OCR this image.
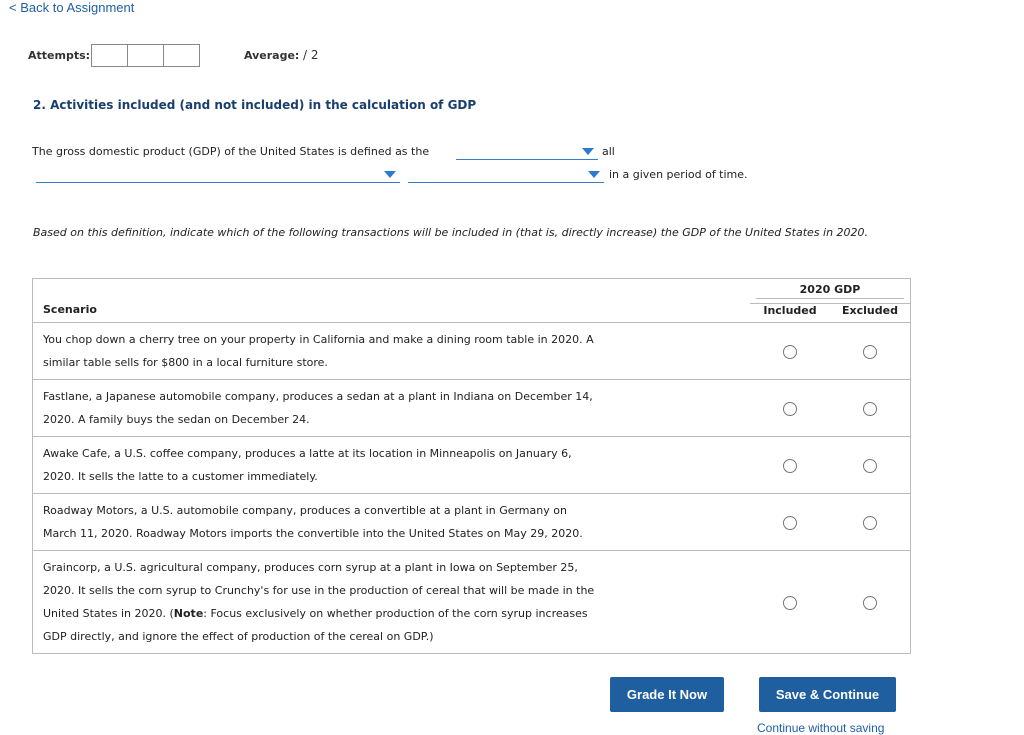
< Back to Assignment
Attempts:	Average: / 2
2. Activities included (and not included) in the calculation of GDP
The gross domestic product (GDP) of the United States is defined as the	all
in a given period of time.
Based on this definition, indicate which of the following transactions will be included in (that is, directly increase) the GDP of the United States in 2020.
Scenario	2020 GDP	

	Included	Excluded
You chop down a cherry tree on your property in California and make a dining room table in 2020. A similar table sells for $800 in a local furniture store.		
Fastlane, a Japanese automobile company, produces a sedan at a plant in Indiana on December 14, 2020. A family buys the sedan on December 24.		
Awake Cafe, a U.S. coffee company, produces a latte at its location in Minneapolis on January 6, 2020. It sells the latte to a customer immediately.		
Roadway Motors, a U.S. automobile company, produces a convertible at a plant in Germany on March 11, 2020. Roadway Motors imports the convertible into the United States on May 29, 2020.		
Graincorp, a U.S. agricultural company, produces corn syrup at a plant in Iowa on September 25, 2020. It sells the corn syrup to Crunchy's for use in the production of cereal that will be made in the United States in 2020. (Note: Focus exclusively on whether production of the corn syrup increases GDP directly, and ignore the effect of production of the cereal on GDP.)		
Grade It Now	Save & Continue
Continue without saving
